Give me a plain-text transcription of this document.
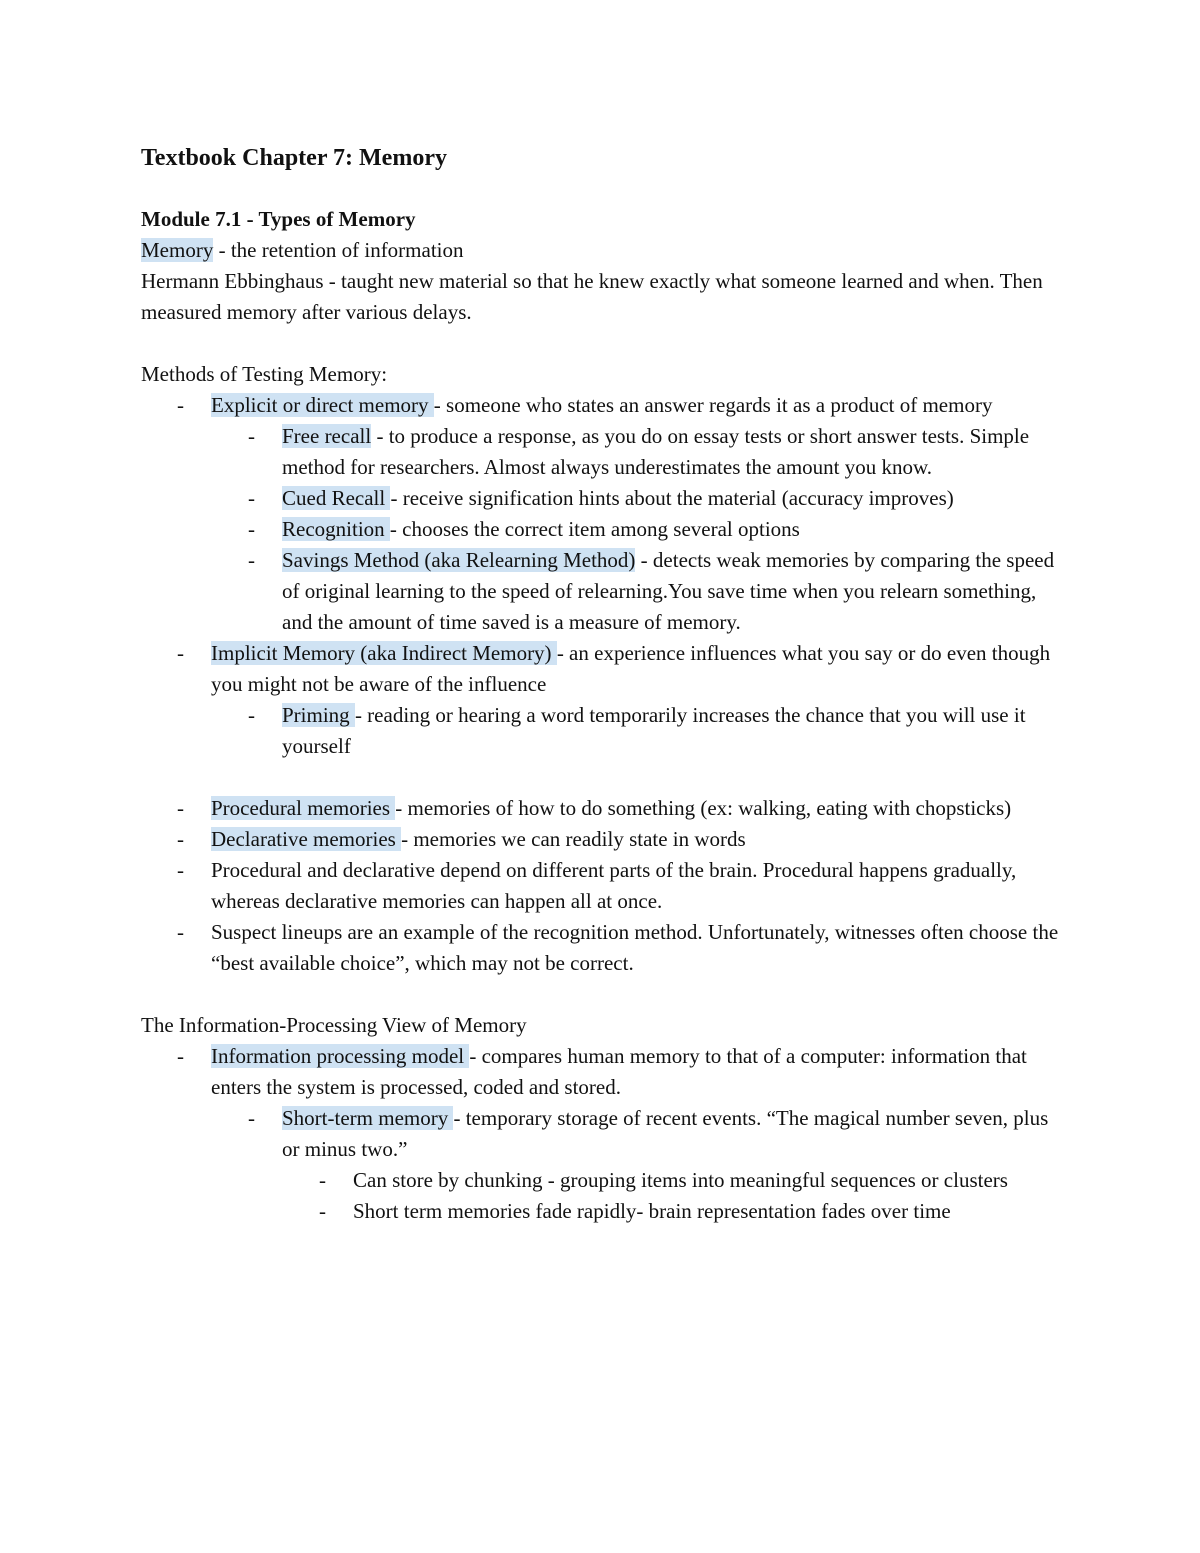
Textbook Chapter 7: Memory

Module 7.1 - Types of Memory

Memory - the retention of information

Hermann Ebbinghaus - taught new material so that he knew exactly what someone learned and when. Then measured memory after various delays.

Methods of Testing Memory:

- Explicit or direct memory - someone who states an answer regards it as a product of memory
- Free recall - to produce a response, as you do on essay tests or short answer tests. Simple method for researchers. Almost always underestimates the amount you know.
- Cued Recall - receive signification hints about the material (accuracy improves)
- Recognition - chooses the correct item among several options
- Savings Method (aka Relearning Method) - detects weak memories by comparing the speed of original learning to the speed of relearning.You save time when you relearn something, and the amount of time saved is a measure of memory.
- Implicit Memory (aka Indirect Memory) - an experience influences what you say or do even though you might not be aware of the influence
- Priming - reading or hearing a word temporarily increases the chance that you will use it yourself
- Procedural memories - memories of how to do something (ex: walking, eating with chopsticks)
- Declarative memories - memories we can readily state in words
- Procedural and declarative depend on different parts of the brain. Procedural happens gradually, whereas declarative memories can happen all at once.
- Suspect lineups are an example of the recognition method. Unfortunately, witnesses often choose the “best available choice”, which may not be correct.

The Information-Processing View of Memory

- Information processing model - compares human memory to that of a computer: information that enters the system is processed, coded and stored.
- Short-term memory - temporary storage of recent events. “The magical number seven, plus or minus two.”
- Can store by chunking - grouping items into meaningful sequences or clusters
- Short term memories fade rapidly- brain representation fades over time
